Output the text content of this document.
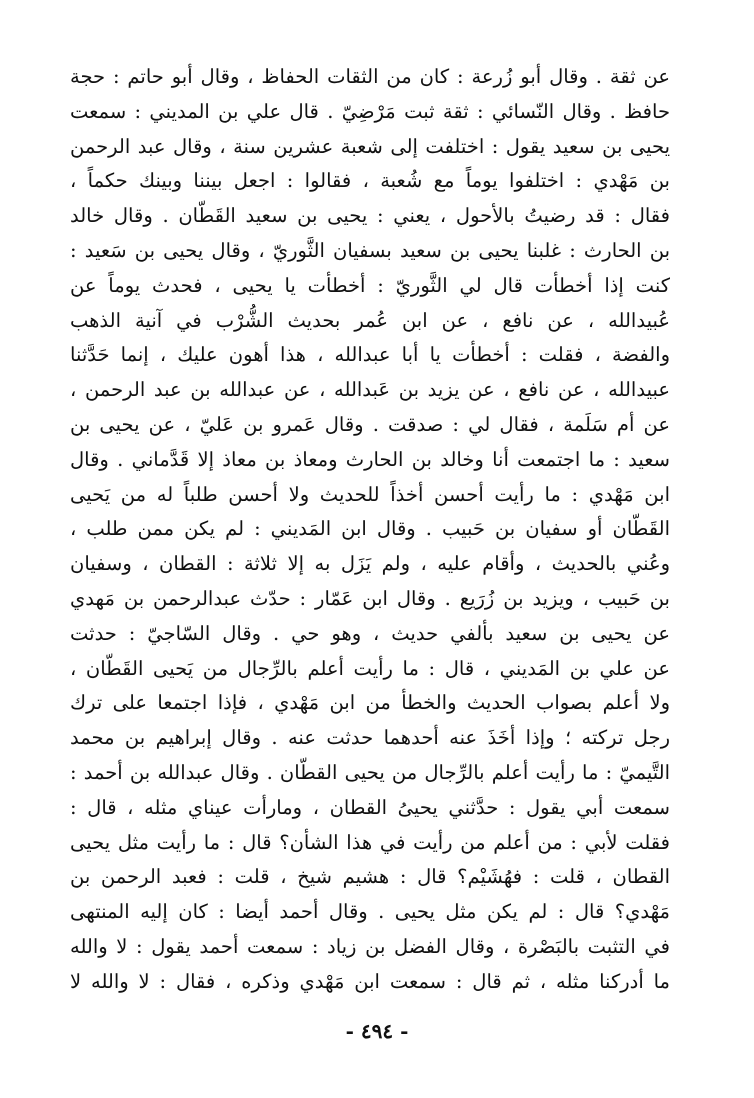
عن ثقة . وقال أبو زُرعة : كان من الثقات الحفاظ ، وقال أبو حاتم : حجة
حافظ . وقال النّسائي : ثقة ثبت مَرْضِيّ . قال علي بن المديني : سمعت
يحيى بن سعيد يقول : اختلفت إلى شعبة عشرين سنة ، وقال عبد الرحمن
بن مَهْدي : اختلفوا يوماً مع شُعبة ، فقالوا : اجعل بيننا وبينك حكماً ،
فقال : قد رضيتُ بالأحول ، يعني : يحيى بن سعيد القَطّان . وقال خالد
بن الحارث : غلبنا يحيى بن سعيد بسفيان الثَّوريّ ، وقال يحيى بن سَعيد :
كنت إذا أخطأت قال لي الثَّوريّ : أخطأت يا يحيى ، فحدث يوماً عن
عُبيدالله ، عن نافع ، عن ابن عُمر بحديث الشُّرْب في آنية الذهب
والفضة ، فقلت : أخطأت يا أبا عبدالله ، هذا أهون عليك ، إنما حَدَّثنا
عبيدالله ، عن نافع ، عن يزيد بن عَبدالله ، عن عبدالله بن عبد الرحمن ،
عن أم سَلَمة ، فقال لي : صدقت . وقال عَمرو بن عَليّ ، عن يحيى بن
سعيد : ما اجتمعت أنا وخالد بن الحارث ومعاذ بن معاذ إلا قَدَّماني . وقال
ابن مَهْدي : ما رأيت أحسن أخذاً للحديث ولا أحسن طلباً له من يَحيى
القَطّان أو سفيان بن حَبيب . وقال ابن المَديني : لم يكن ممن طلب ،
وعُني بالحديث ، وأقام عليه ، ولم يَزَل به إلا ثلاثة : القطان ، وسفيان
بن حَبيب ، ويزيد بن زُرَيع . وقال ابن عَمّار : حدّث عبدالرحمن بن مَهدي
عن يحيى بن سعيد بألفي حديث ، وهو حي . وقال السّاجيّ : حدثت
عن علي بن المَديني ، قال : ما رأيت أعلم بالرِّجال من يَحيى القَطّان ،
ولا أعلم بصواب الحديث والخطأ من ابن مَهْدي ، فإذا اجتمعا على ترك
رجل تركته ؛ وإذا أخَذَ عنه أحدهما حدثت عنه . وقال إبراهيم بن محمد
التَّيميّ : ما رأيت أعلم بالرِّجال من يحيى القطّان . وقال عبدالله بن أحمد :
سمعت أبي يقول : حدَّثني يحيىُ القطان ، ومارأت عيناي مثله ، قال :
فقلت لأبي : من أعلم من رأيت في هذا الشأن؟ قال : ما رأيت مثل يحيى
القطان ، قلت : فهُشَيْم؟ قال : هشيم شيخ ، قلت : فعبد الرحمن بن
مَهْدي؟ قال : لم يكن مثل يحيى . وقال أحمد أيضا : كان إليه المنتهى
في التثبت بالبَصْرة ، وقال الفضل بن زياد : سمعت أحمد يقول : لا والله
ما أدركنا مثله ، ثم قال : سمعت ابن مَهْدي وذكره ، فقال : لا والله لا
- ٤٩٤ -
